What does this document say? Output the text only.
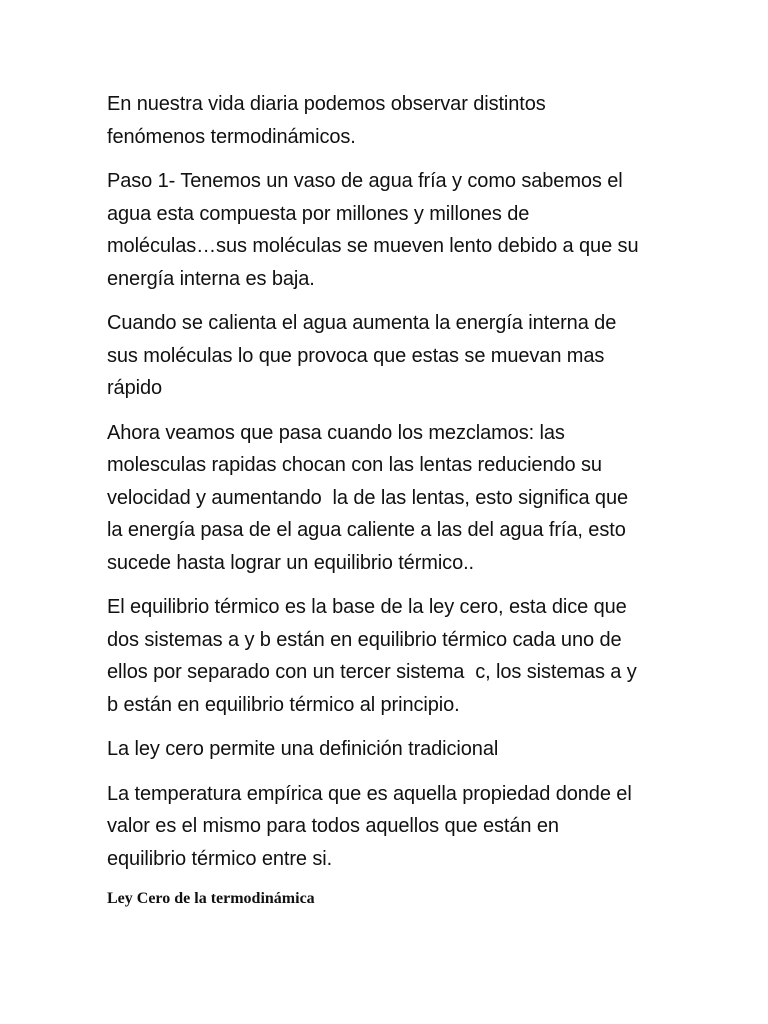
En nuestra vida diaria podemos observar distintos
fenómenos termodinámicos.

Paso 1- Tenemos un vaso de agua fría y como sabemos el
agua esta compuesta por millones y millones de
moléculas…sus moléculas se mueven lento debido a que su
energía interna es baja.

Cuando se calienta el agua aumenta la energía interna de
sus moléculas lo que provoca que estas se muevan mas
rápido

Ahora veamos que pasa cuando los mezclamos: las
molesculas rapidas chocan con las lentas reduciendo su
velocidad y aumentando  la de las lentas, esto significa que
la energía pasa de el agua caliente a las del agua fría, esto
sucede hasta lograr un equilibrio térmico..

El equilibrio térmico es la base de la ley cero, esta dice que
dos sistemas a y b están en equilibrio térmico cada uno de
ellos por separado con un tercer sistema  c, los sistemas a y
b están en equilibrio térmico al principio.

La ley cero permite una definición tradicional

La temperatura empírica que es aquella propiedad donde el
valor es el mismo para todos aquellos que están en
equilibrio térmico entre si.

Ley Cero de la termodinámica
